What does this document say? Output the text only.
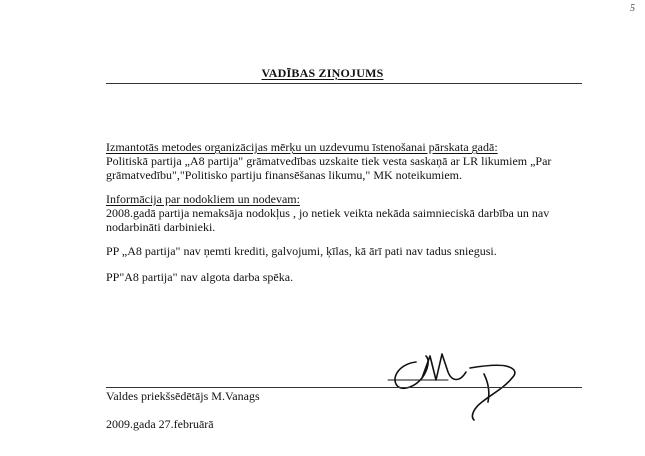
5
VADĪBAS ZIŅOJUMS
Izmantotās metodes organizācijas mērķu un uzdevumu īstenošanai pārskata gadā:
Politiskā partija „A8 partija" grāmatvedības uzskaite tiek vesta saskaņā ar LR likumiem „Par
grāmatvedību","Politisko partiju finansēšanas likumu," MK noteikumiem.
Informācija par nodokliem un nodevam:
2008.gadā partija nemaksāja nodokļus , jo netiek veikta nekāda saimnieciskā darbība un nav
nodarbināti darbinieki.
PP „A8 partija" nav ņemti krediti, galvojumi, ķīlas, kā ārī pati nav tadus sniegusi.
PP"A8 partija" nav algota darba spēka.
Valdes priekšsēdētājs M.Vanags
2009.gada 27.februārā
